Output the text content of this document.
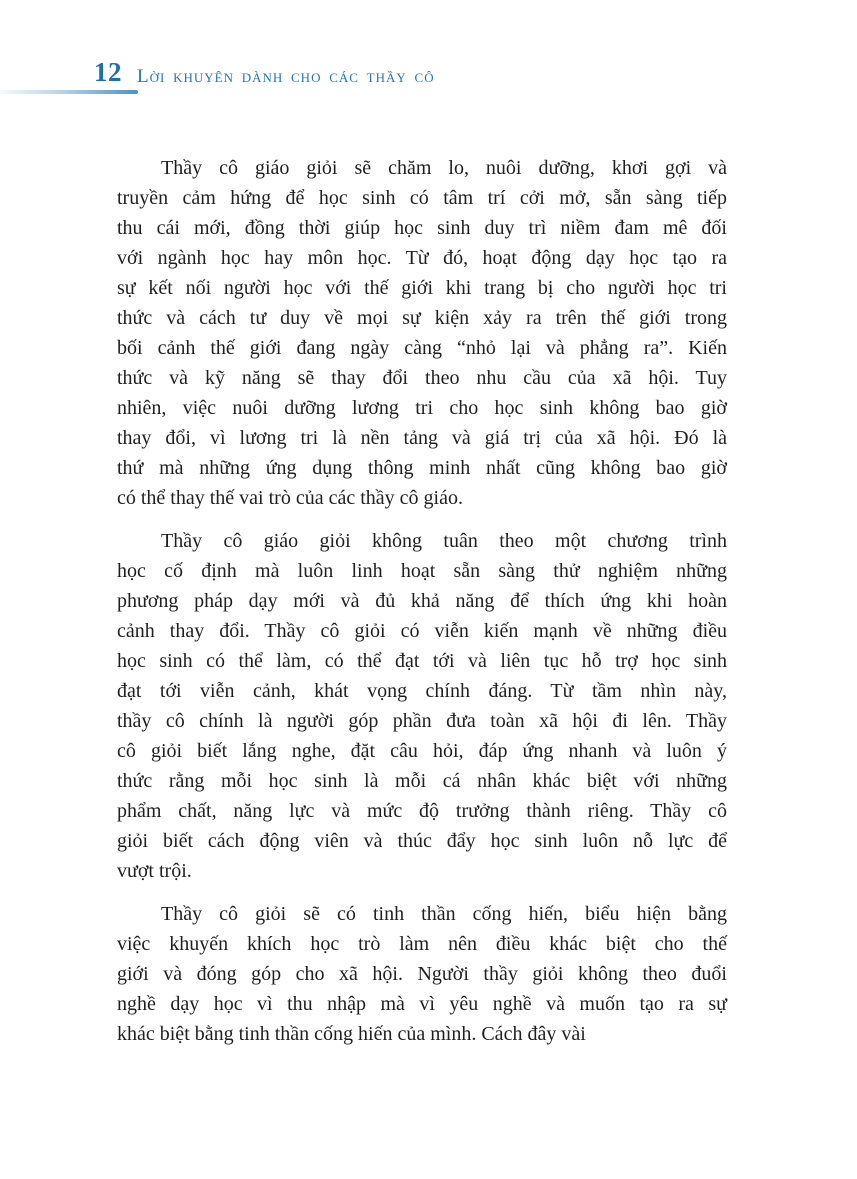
12 Lời khuyên dành cho các thầy cô
Thầy cô giáo giỏi sẽ chăm lo, nuôi dưỡng, khơi gợi và
truyền cảm hứng để học sinh có tâm trí cởi mở, sẵn sàng tiếp
thu cái mới, đồng thời giúp học sinh duy trì niềm đam mê đối
với ngành học hay môn học. Từ đó, hoạt động dạy học tạo ra
sự kết nối người học với thế giới khi trang bị cho người học tri
thức và cách tư duy về mọi sự kiện xảy ra trên thế giới trong
bối cảnh thế giới đang ngày càng “nhỏ lại và phẳng ra”. Kiến
thức và kỹ năng sẽ thay đổi theo nhu cầu của xã hội. Tuy
nhiên, việc nuôi dưỡng lương tri cho học sinh không bao giờ
thay đổi, vì lương tri là nền tảng và giá trị của xã hội. Đó là
thứ mà những ứng dụng thông minh nhất cũng không bao giờ
có thể thay thế vai trò của các thầy cô giáo.
Thầy cô giáo giỏi không tuân theo một chương trình
học cố định mà luôn linh hoạt sẵn sàng thử nghiệm những
phương pháp dạy mới và đủ khả năng để thích ứng khi hoàn
cảnh thay đổi. Thầy cô giỏi có viễn kiến mạnh về những điều
học sinh có thể làm, có thể đạt tới và liên tục hỗ trợ học sinh
đạt tới viễn cảnh, khát vọng chính đáng. Từ tầm nhìn này,
thầy cô chính là người góp phần đưa toàn xã hội đi lên. Thầy
cô giỏi biết lắng nghe, đặt câu hỏi, đáp ứng nhanh và luôn ý
thức rằng mỗi học sinh là mỗi cá nhân khác biệt với những
phẩm chất, năng lực và mức độ trưởng thành riêng. Thầy cô
giỏi biết cách động viên và thúc đẩy học sinh luôn nỗ lực để
vượt trội.
Thầy cô giỏi sẽ có tinh thần cống hiến, biểu hiện bằng
việc khuyến khích học trò làm nên điều khác biệt cho thế
giới và đóng góp cho xã hội. Người thầy giỏi không theo đuổi
nghề dạy học vì thu nhập mà vì yêu nghề và muốn tạo ra sự
khác biệt bằng tinh thần cống hiến của mình. Cách đây vài
